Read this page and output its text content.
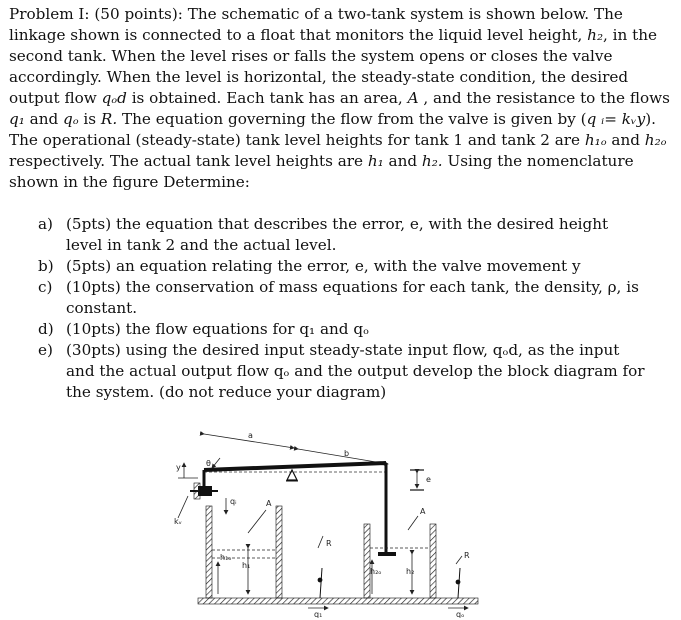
Problem I: (50 points): The schematic of a two-tank system is shown below. The linkage shown is connected to a float that monitors the liquid level height, h₂, in the second tank. When the level rises or falls the system opens or closes the valve accordingly. When the level is horizontal, the steady-state condition, the desired output flow qₒd is obtained. Each tank has an area, A , and the resistance to the flows q₁ and qₒ is R. The equation governing the flow from the valve is given by (q ᵢ= kᵥy). The operational (steady-state) tank level heights for tank 1 and tank 2 are h₁ₒ and h₂ₒ respectively. The actual tank level heights are h₁ and h₂. Using the nomenclature shown in the figure Determine:

a) (5pts) the equation that describes the error, e, with the desired height level in tank 2 and the actual level.
b) (5pts) an equation relating the error, e, with the valve movement y
c) (10pts) the conservation of mass equations for each tank, the density, ρ, is constant.
d) (10pts) the flow equations for q₁ and qₒ
e) (30pts) using the desired input steady-state input flow, qₒd, as the input and the actual output flow qₒ and the output develop the block diagram for the system. (do not reduce your diagram)
a
b
θ
y
kᵥ
qᵢ
e
A
h₁ₒ
h₁
R
q₁
A
h₂ₒ	h₂
R
qₒ
